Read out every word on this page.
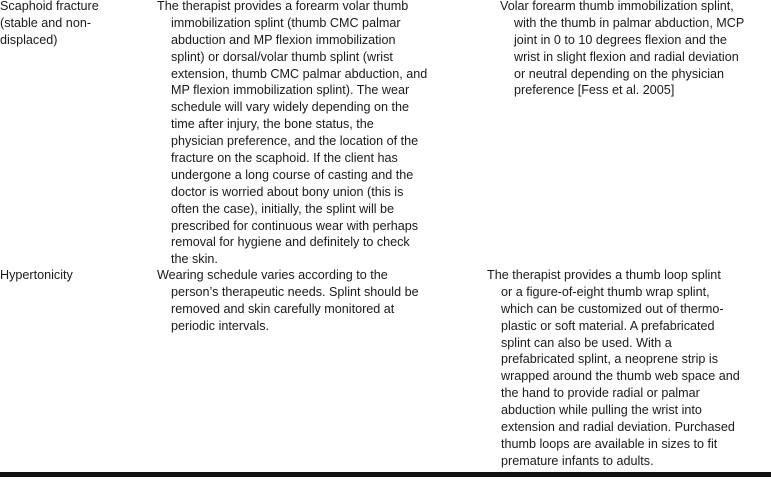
Scaphoid fracture
(stable and non-
displaced)
The therapist provides a forearm volar thumb
immobilization splint (thumb CMC palmar
abduction and MP flexion immobilization
splint) or dorsal/volar thumb splint (wrist
extension, thumb CMC palmar abduction, and
MP flexion immobilization splint). The wear
schedule will vary widely depending on the
time after injury, the bone status, the
physician preference, and the location of the
fracture on the scaphoid. If the client has
undergone a long course of casting and the
doctor is worried about bony union (this is
often the case), initially, the splint will be
prescribed for continuous wear with perhaps
removal for hygiene and definitely to check
the skin.
Volar forearm thumb immobilization splint,
with the thumb in palmar abduction, MCP
joint in 0 to 10 degrees flexion and the
wrist in slight flexion and radial deviation
or neutral depending on the physician
preference [Fess et al. 2005]
Hypertonicity	Wearing schedule varies according to the
person’s therapeutic needs. Splint should be
removed and skin carefully monitored at
periodic intervals.
The therapist provides a thumb loop splint
or a figure-of-eight thumb wrap splint,
which can be customized out of thermo-
plastic or soft material. A prefabricated
splint can also be used. With a
prefabricated splint, a neoprene strip is
wrapped around the thumb web space and
the hand to provide radial or palmar
abduction while pulling the wrist into
extension and radial deviation. Purchased
thumb loops are available in sizes to fit
premature infants to adults.
